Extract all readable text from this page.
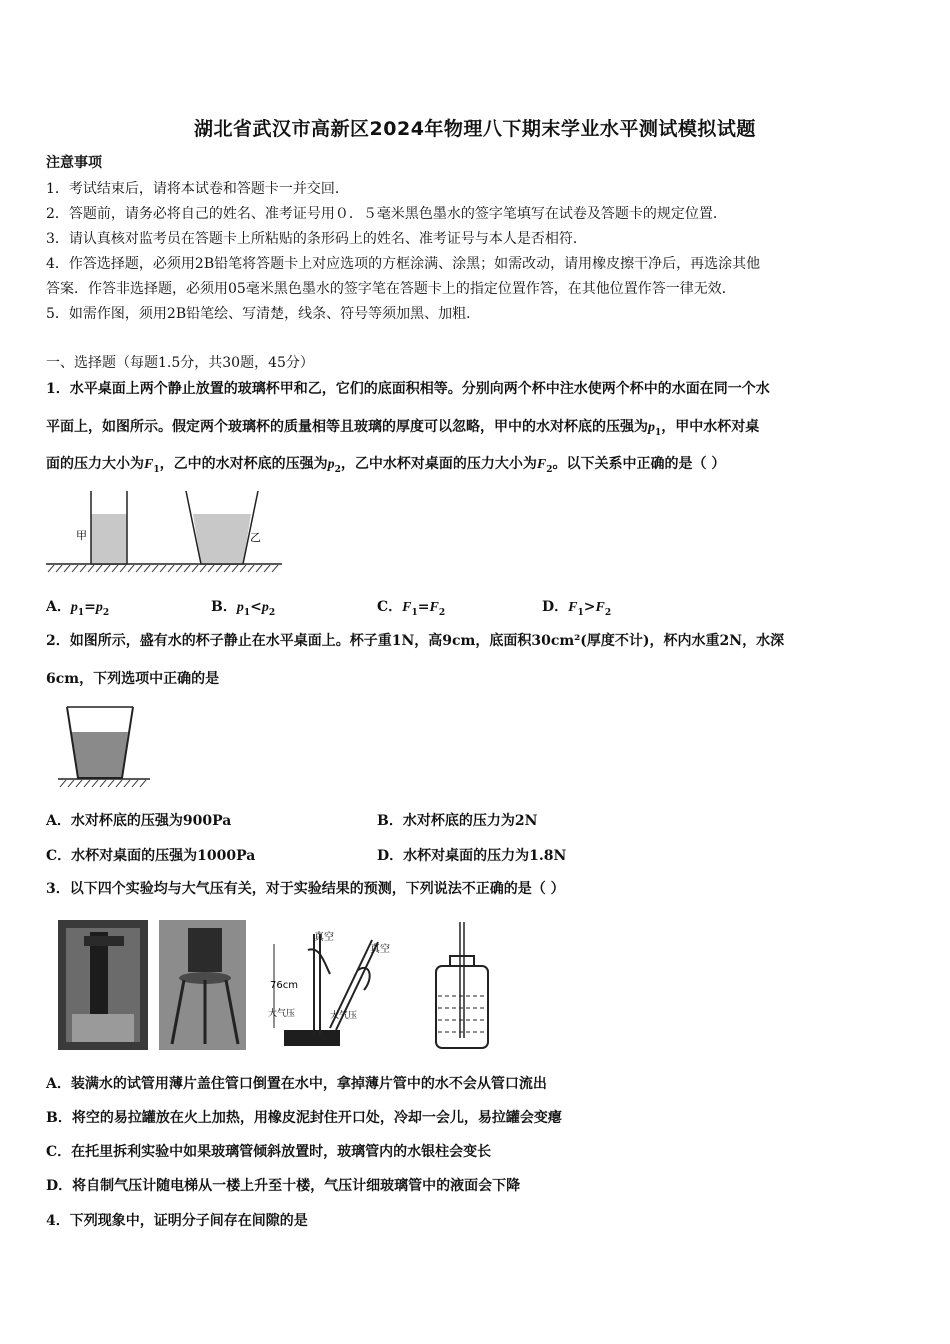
湖北省武汉市高新区2024年物理八下期末学业水平测试模拟试题
注意事项
1．考试结束后，请将本试卷和答题卡一并交回．
2．答题前，请务必将自己的姓名、准考证号用０．５毫米黑色墨水的签字笔填写在试卷及答题卡的规定位置．
3．请认真核对监考员在答题卡上所粘贴的条形码上的姓名、准考证号与本人是否相符．
4．作答选择题，必须用2B铅笔将答题卡上对应选项的方框涂满、涂黑；如需改动，请用橡皮擦干净后，再选涂其他
答案．作答非选择题，必须用05毫米黑色墨水的签字笔在答题卡上的指定位置作答，在其他位置作答一律无效．
5．如需作图，须用2B铅笔绘、写清楚，线条、符号等须加黑、加粗．
一、选择题（每题1.5分，共30题，45分）
1．水平桌面上两个静止放置的玻璃杯甲和乙，它们的底面积相等。分别向两个杯中注水使两个杯中的水面在同一个水
平面上，如图所示。假定两个玻璃杯的质量相等且玻璃的厚度可以忽略，甲中的水对杯底的压强为$p_1$，甲中水杯对桌
面的压力大小为$F_1$，乙中的水对杯底的压强为$p_2$，乙中水杯对桌面的压力大小为$F_2$。以下关系中正确的是（ ）
甲	乙
A．$p_1=p_2$	B．$p_1<p_2$	C．$F_1=F_2$	D．$F_1>F_2$
2．如图所示，盛有水的杯子静止在水平桌面上。杯子重1N，高9cm，底面积30cm²(厚度不计)，杯内水重2N，水深
6cm，下列选项中正确的是
A．水对杯底的压强为900Pa	B．水对杯底的压力为2N
C．水杯对桌面的压强为1000Pa	D．水杯对桌面的压力为1.8N
3．以下四个实验均与大气压有关，对于实验结果的预测，下列说法不正确的是（ ）
真空
真空
76cm
大气压	大气压
A．装满水的试管用薄片盖住管口倒置在水中，拿掉薄片管中的水不会从管口流出
B．将空的易拉罐放在火上加热，用橡皮泥封住开口处，冷却一会儿，易拉罐会变瘪
C．在托里拆利实验中如果玻璃管倾斜放置时，玻璃管内的水银柱会变长
D．将自制气压计随电梯从一楼上升至十楼，气压计细玻璃管中的液面会下降
4．下列现象中，证明分子间存在间隙的是
